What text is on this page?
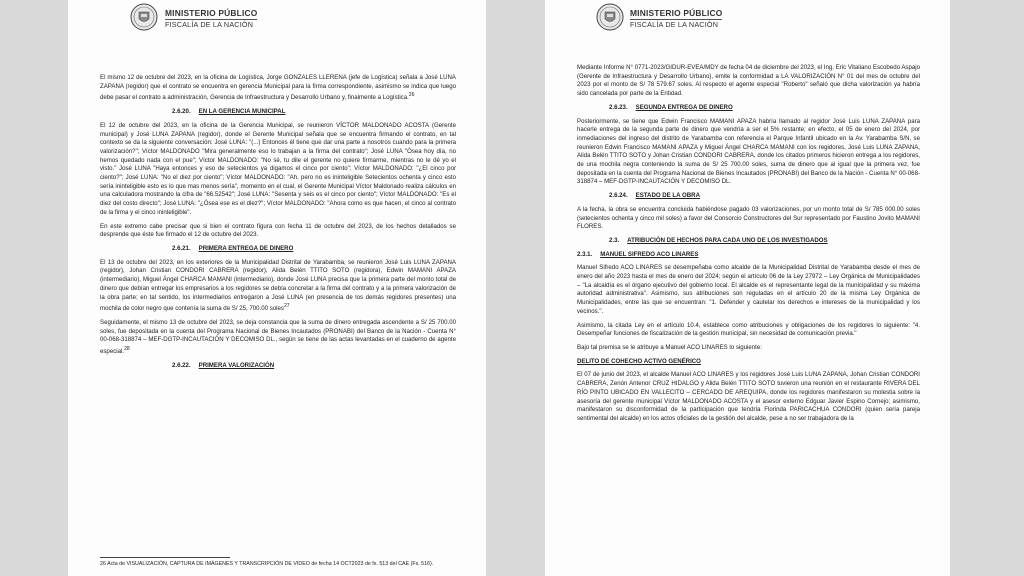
MINISTERIO PÚBLICO
FISCALÍA DE LA NACIÓN

El mismo 12 de octubre del 2023, en la oficina de Logística, Jorge GONZALES LLERENA (jefe de Logística) señala a José LUNA ZAPANA (regidor) que el contrato se encuentra en gerencia Municipal para la firma correspondiente, asimismo se indica que luego debe pasar el contrato a administración, Gerencia de Infraestructura y Desarrollo Urbano y, finalmente a Logística.$^{26}$

2.6.20. EN LA GERENCIA MUNICIPAL

El 12 de octubre del 2023, en la oficina de la Gerencia Municipal, se reunieron VÍCTOR MALDONADO ACOSTA (Gerente municipal) y José LUNA ZAPANA (regidor), donde el Gerente Municipal señala que se encuentra firmando el contrato, en tal contexto se da la siguiente conversación: José LUNA: "(...) Entonces él tiene que dar una parte a nosotros cuando para la primera valorización?"; Víctor MALDONADO "Mira generalmente eso lo trabajan a la firma del contrato"; José LUNA "Ósea hoy día, no hemos quedado nada con el pue"; Víctor MALDONADO: "No sé, tu dile el gerente no quiere firmarme, mientras no le dé yo el visto." José LUNA "Haya entonces y eso de setecientos ya digamos el cinco por ciento"; Víctor MALDONADO: "¿El cinco por ciento?"; José LUNA: "No el diez por ciento"; Víctor MALDONADO: "Ah, pero no es ininteligible Setecientos ochenta y cinco esto sería ininteligible esto es lo que mas menos sería", momento en el cual, el Gerente Municipal Víctor Maldonado realiza cálculos en una calculadora mostrando la cifra de "66.52542"; José LUNA: "Sesenta y seis es el cinco por ciento"; Víctor MALDONADO: "Es el diez del costo directo"; José LUNA: "¿Ósea ese es el diez?"; Víctor MALDONADO: "Ahora como es que hacen, el cinco al contrato de la firma y el cinco ininteligible".

En este extremo cabe precisar que si bien el contrato figura con fecha 11 de octubre del 2023, de los hechos detallados se desprende que éste fue firmado el 12 de octubre del 2023.

2.6.21. PRIMERA ENTREGA DE DINERO

El 13 de octubre del 2023, en los exteriores de la Municipalidad Distrital de Yarabamba, se reunieron José Luis LUNA ZAPANA (regidor), Johan Cristian CONDORI CABRERA (regidor), Alida Belén TTITO SOTO (regidora), Edwin MAMANI APAZA (intermediario), Miguel Ángel CHARCA MAMANI (intermediario), donde José LUNA precisa que la primera parte del monto total de dinero que debían entregar los empresarios a los regidores se debía concretar a la firma del contrato y a la primera valorización de la obra parte; en tal sentido, los intermediarios entregaron a José LUNA (en presencia de los demás regidores presentes) una mochila de color negro que contenía la suma de S/ 25, 700.00 soles$^{27}$

Seguidamente, el mismo 13 de octubre del 2023, se deja constancia que la suma de dinero entregada ascendente a S/ 25 700.00 soles, fue depositada en la cuenta del Programa Nacional de Bienes Incautados (PRONABI) del Banco de la Nación - Cuenta N° 00-068-318874 – MEF-DGTP-INCAUTACIÓN Y DECOMISO DL., según se tiene de las actas levantadas en el cuaderno de agente especial.$^{28}$

2.6.22. PRIMERA VALORIZACIÓN
26 Acta de VISUALIZACIÓN, CAPTURA DE IMÁGENES Y TRANSCRIPCIÓN DE VIDEO de fecha 14 OCT2023 de fs. 513 del CAE (Fs. 516).
MINISTERIO PÚBLICO
FISCALÍA DE LA NACIÓN

Mediante Informe N° 0771-2023/GIDUR-EVEA/MDY de fecha 04 de diciembre del 2023, el Ing. Eric Vitaliano Escobedo Aspajo (Gerente de Infraestructura y Desarrollo Urbano), emite la conformidad a LA VALORIZACIÓN N° 01 del mes de octubre del 2023 por el monto de S/ 78 579.67 soles. Al respecto el agente especial "Roberto" señaló que dicha valorización ya habría sido cancelada por parte de la Entidad.

2.6.23. SEGUNDA ENTREGA DE DINERO

Posteriormente, se tiene que Edwin Francisco MAMANI APAZA habría llamado al regidor José Luis LUNA ZAPANA para hacerle entrega de la segunda parte de dinero que vendría a ser el 5% restante; en efecto, el 05 de enero del 2024, por inmediaciones del ingreso del distrito de Yarabamba con referencia el Parque Infantil ubicado en la Av. Yarabamba S/N, se reunieron Edwin Francisco MAMANI APAZA y Miguel Ángel CHARCA MAMANI con los regidores, José Luis LUNA ZAPANA, Alida Belén TTITO SOTO y Johan Cristian CONDORI CABRERA, donde los citados primeros hicieron entrega a los regidores, de una mochila negra conteniendo la suma de S/ 25 700.00 soles, suma de dinero que al igual que la primera vez, fue depositada en la cuenta del Programa Nacional de Bienes Incautados (PRONABI) del Banco de la Nación - Cuenta N° 00-068-318874 – MEF-DGTP-INCAUTACIÓN Y DECOMISO DL.

2.6.24. ESTADO DE LA OBRA

A la fecha, la obra se encuentra concluida habiéndose pagado 03 valorizaciones, por un monto total de S/ 785 000.00 soles (setecientos ochenta y cinco mil soles) a favor del Consorcio Constructores del Sur representado por Faustino Jovito MAMANI FLORES.

2.3. ATRIBUCIÓN DE HECHOS PARA CADA UNO DE LOS INVESTIGADOS
2.3.1. MANUEL SIFREDO ACO LINARES

Manuel Sifredo ACO LINARES se desempeñaba como alcalde de la Municipalidad Distrital de Yarabamba desde el mes de enero del año 2023 hasta el mes de enero del 2024; según el artículo 06 de la Ley 27972 – Ley Orgánica de Municipalidades – "La alcaldía es el órgano ejecutivo del gobierno local. El alcalde es el representante legal de la municipalidad y su máxima autoridad administrativa". Asimismo, sus atribuciones son reguladas en el artículo 20 de la misma Ley Orgánica de Municipalidades, entre las que se encuentran: "1. Defender y cautelar los derechos e intereses de la municipalidad y los vecinos.".

Asimismo, la citada Ley en el artículo 10.4, establece como atribuciones y obligaciones de los regidores lo siguiente: "4. Desempeñar funciones de fiscalización de la gestión municipal, sin necesidad de comunicación previa."

Bajo tal premisa se le atribuye a Manuel ACO LINARES lo siguiente:

DELITO DE COHECHO ACTIVO GENÉRICO

El 07 de junio del 2023, el alcalde Manuel ACO LINARES y los regidores José Luis LUNA ZAPANA, Johan Cristian CONDORI CABRERA, Zenón Antenor CRUZ HIDALGO y Alida Belén TTITO SOTO tuvieron una reunión en el restaurante RIVERA DEL RÍO PINTO UBICADO EN VALLECITO – CERCADO DE AREQUIPA, donde los regidores manifestaron su molestia sobre la asesoría del gerente municipal Víctor MALDONADO ACOSTA y el asesor externo Edguar Javier Espino Cornejo; asimismo, manifestaron su disconformidad de la participación que tendría Florinda PARICACHUA CONDORI (quien sería pareja sentimental del alcalde) en los actos oficiales de la gestión del alcalde, pese a no ser trabajadora de la
